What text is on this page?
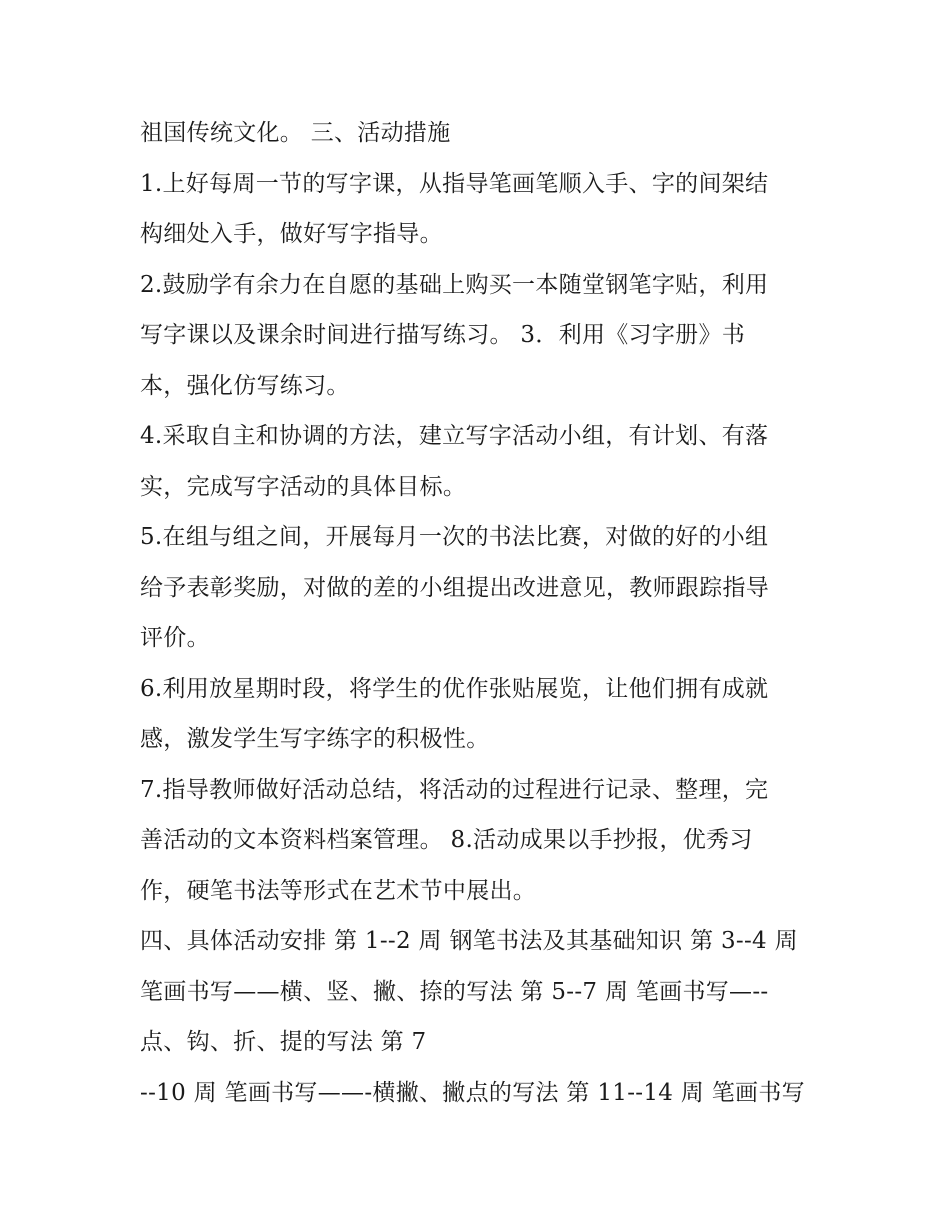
祖国传统文化。 三、活动措施
1.上好每周一节的写字课，从指导笔画笔顺入手、字的间架结
构细处入手，做好写字指导。
2.鼓励学有余力在自愿的基础上购买一本随堂钢笔字贴，利用
写字课以及课余时间进行描写练习。 3．利用《习字册》书
本，强化仿写练习。
4.采取自主和协调的方法，建立写字活动小组，有计划、有落
实，完成写字活动的具体目标。
5.在组与组之间，开展每月一次的书法比赛，对做的好的小组
给予表彰奖励，对做的差的小组提出改进意见，教师跟踪指导
评价。
6.利用放星期时段，将学生的优作张贴展览，让他们拥有成就
感，激发学生写字练字的积极性。
7.指导教师做好活动总结，将活动的过程进行记录、整理，完
善活动的文本资料档案管理。 8.活动成果以手抄报，优秀习
作，硬笔书法等形式在艺术节中展出。
四、具体活动安排 第 1--2 周 钢笔书法及其基础知识 第 3--4 周
笔画书写——横、竖、撇、捺的写法 第 5--7 周 笔画书写—--
点、钩、折、提的写法 第 7
--10 周 笔画书写——-横撇、撇点的写法 第 11--14 周 笔画书写
